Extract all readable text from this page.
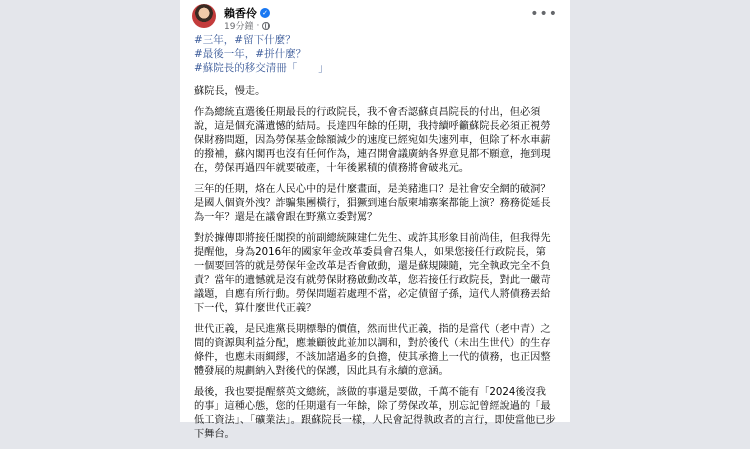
賴香伶 ✓
19分鐘 ·
•••
#三年，#留下什麼？
#最後一年，#拼什麼？
#蘇院長的移交清冊「　　」

蘇院長，慢走。

作為總統直選後任期最長的行政院長，我不會否認蘇貞昌院長的付出，但必須說，這是個充滿遺憾的結局。長達四年餘的任期，我持續呼籲蘇院長必須正視勞保財務問題，因為勞保基金餘額減少的速度已經宛如失速列車，但除了杯水車薪的撥補，蘇內閣再也沒有任何作為，連召開會議廣納各界意見都不願意，拖到現在，勞保再過四年就要破產，十年後累積的債務將會破兆元。

三年的任期，烙在人民心中的是什麼畫面，是美豬進口？是社會安全網的破洞？是國人個資外洩？詐騙集團橫行，猖獗到連台版柬埔寨案都能上演？務務從延長為一年？還是在議會跟在野黨立委對罵？

對於據傳即將接任閣揆的前副總統陳建仁先生、或許其形象目前尚佳，但我得先提醒他，身為2016年的國家年金改革委員會召集人，如果您接任行政院長，第一個要回答的就是勞保年金改革是否會啟動，還是蘇規陳隨，完全執政完全不負責？當年的遺憾就是沒有就勞保財務啟動改革，您若接任行政院長，對此一嚴苛議題，自應有所行動。勞保問題若處理不當，必定債留子孫，這代人將債務丟給下一代，算什麼世代正義？

世代正義，是民進黨長期標舉的價值，然而世代正義，指的是當代（老中青）之間的資源與利益分配，應兼顧彼此並加以調和，對於後代（未出生世代）的生存條件，也應未雨綢繆，不該加諸過多的負擔，使其承擔上一代的債務，也正因整體發展的規劃納入對後代的保護，因此具有永續的意涵。

最後，我也要提醒蔡英文總統，該做的事還是要做，千萬不能有「2024後沒我的事」這種心態，您的任期還有一年餘，除了勞保改革，別忘記曾經說過的「最低工資法」、「礦業法」。跟蘇院長一樣，人民會記得執政者的言行，即使當他已步下舞台。
